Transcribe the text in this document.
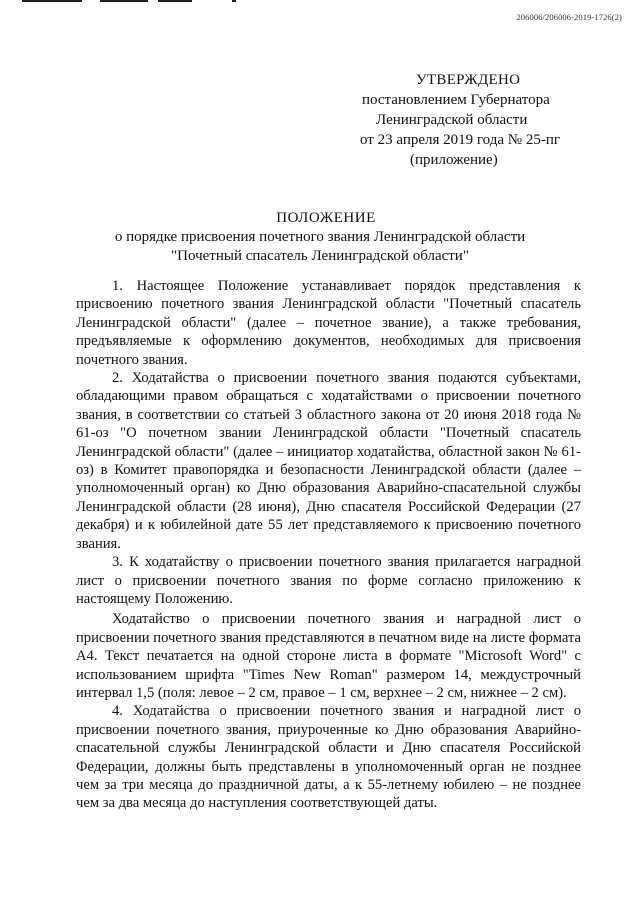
206006/206006-2019-1726(2)
УТВЕРЖДЕНО
постановлением Губернатора
Ленинградской области
от 23 апреля 2019 года № 25-пг
(приложение)
ПОЛОЖЕНИЕ
о порядке присвоения почетного звания Ленинградской области
"Почетный спасатель Ленинградской области"

1. Настоящее Положение устанавливает порядок представления к присвоению почетного звания Ленинградской области "Почетный спасатель Ленинградской области" (далее – почетное звание), а также требования, предъявляемые к оформлению документов, необходимых для присвоения почетного звания.

2. Ходатайства о присвоении почетного звания подаются субъектами, обладающими правом обращаться с ходатайствами о присвоении почетного звания, в соответствии со статьей 3 областного закона от 20 июня 2018 года № 61-оз "О почетном звании Ленинградской области "Почетный спасатель Ленинградской области" (далее – инициатор ходатайства, областной закон № 61-оз) в Комитет правопорядка и безопасности Ленинградской области (далее – уполномоченный орган) ко Дню образования Аварийно-спасательной службы Ленинградской области (28 июня), Дню спасателя Российской Федерации (27 декабря) и к юбилейной дате 55 лет представляемого к присвоению почетного звания.

3. К ходатайству о присвоении почетного звания прилагается наградной лист о присвоении почетного звания по форме согласно приложению к настоящему Положению.

Ходатайство о присвоении почетного звания и наградной лист о присвоении почетного звания представляются в печатном виде на листе формата А4. Текст печатается на одной стороне листа в формате "Microsoft Word" с использованием шрифта "Times New Roman" размером 14, междустрочный интервал 1,5 (поля: левое – 2 см, правое – 1 см, верхнее – 2 см, нижнее – 2 см).

4. Ходатайства о присвоении почетного звания и наградной лист о присвоении почетного звания, приуроченные ко Дню образования Аварийно-спасательной службы Ленинградской области и Дню спасателя Российской Федерации, должны быть представлены в уполномоченный орган не позднее чем за три месяца до праздничной даты, а к 55-летнему юбилею – не позднее чем за два месяца до наступления соответствующей даты.
